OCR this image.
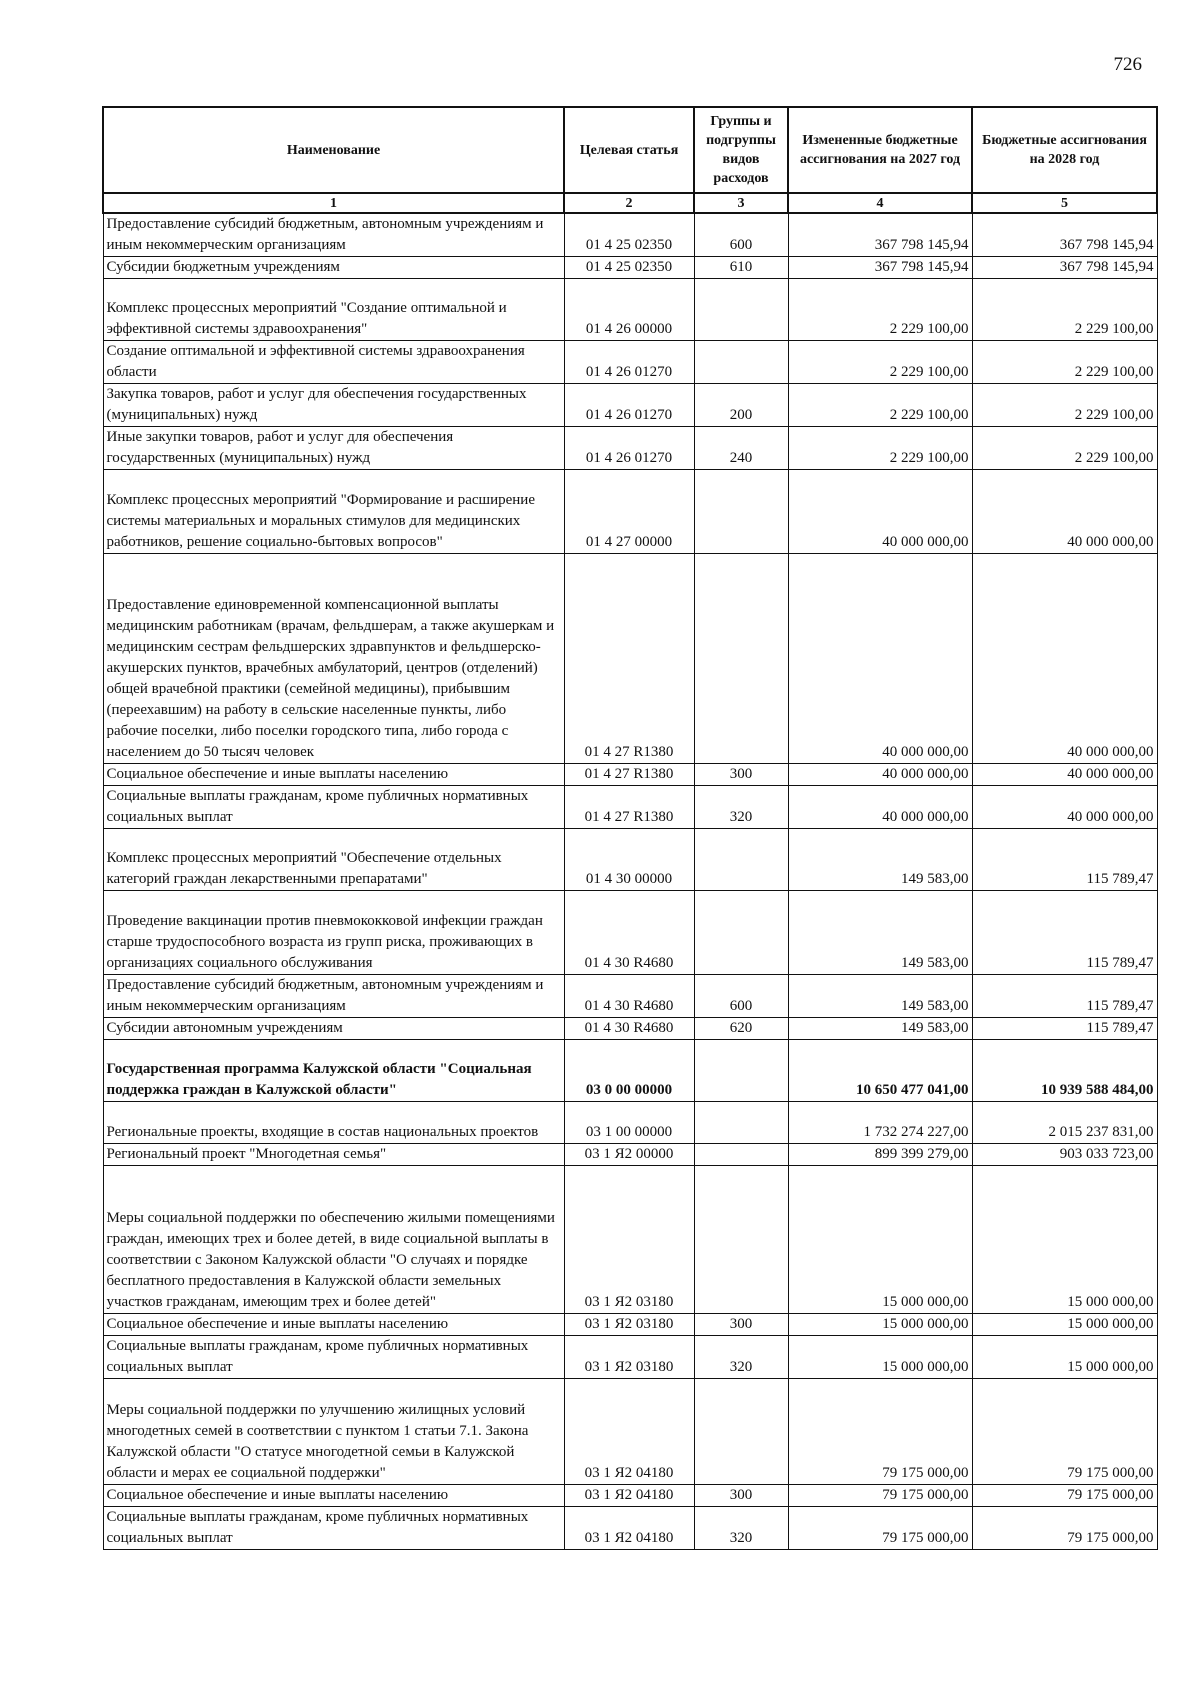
726
Наименование	Целевая статья	Группы и подгруппы видов расходов	Измененные бюджетные ассигнования на 2027 год	Бюджетные ассигнования на 2028 год
1	2	3	4	5
Предоставление субсидий бюджетным, автономным учреждениям и иным некоммерческим организациям	01 4 25 02350	600	367 798 145,94	367 798 145,94
Субсидии бюджетным учреждениям	01 4 25 02350	610	367 798 145,94	367 798 145,94
Комплекс процессных мероприятий "Создание оптимальной и эффективной системы здравоохранения"	01 4 26 00000		2 229 100,00	2 229 100,00
Создание оптимальной и эффективной системы здравоохранения области	01 4 26 01270		2 229 100,00	2 229 100,00
Закупка товаров, работ и услуг для обеспечения государственных (муниципальных) нужд	01 4 26 01270	200	2 229 100,00	2 229 100,00
Иные закупки товаров, работ и услуг для обеспечения государственных (муниципальных) нужд	01 4 26 01270	240	2 229 100,00	2 229 100,00
Комплекс процессных мероприятий "Формирование и расширение системы материальных и моральных стимулов для медицинских работников, решение социально-бытовых вопросов"	01 4 27 00000		40 000 000,00	40 000 000,00
Предоставление единовременной компенсационной выплаты медицинским работникам (врачам, фельдшерам, а также акушеркам и медицинским сестрам фельдшерских здравпунктов и фельдшерско-акушерских пунктов, врачебных амбулаторий, центров (отделений) общей врачебной практики (семейной медицины), прибывшим (переехавшим) на работу в сельские населенные пункты, либо рабочие поселки, либо поселки городского типа, либо города с населением до 50 тысяч человек	01 4 27 R1380		40 000 000,00	40 000 000,00
Социальное обеспечение и иные выплаты населению	01 4 27 R1380	300	40 000 000,00	40 000 000,00
Социальные выплаты гражданам, кроме публичных нормативных социальных выплат	01 4 27 R1380	320	40 000 000,00	40 000 000,00
Комплекс процессных мероприятий "Обеспечение отдельных категорий граждан лекарственными препаратами"	01 4 30 00000		149 583,00	115 789,47
Проведение вакцинации против пневмококковой инфекции граждан старше трудоспособного возраста из групп риска, проживающих в организациях социального обслуживания	01 4 30 R4680		149 583,00	115 789,47
Предоставление субсидий бюджетным, автономным учреждениям и иным некоммерческим организациям	01 4 30 R4680	600	149 583,00	115 789,47
Субсидии автономным учреждениям	01 4 30 R4680	620	149 583,00	115 789,47
Государственная программа Калужской области "Социальная поддержка граждан в Калужской области"	03 0 00 00000		10 650 477 041,00	10 939 588 484,00
Региональные проекты, входящие в состав национальных проектов	03 1 00 00000		1 732 274 227,00	2 015 237 831,00
Региональный проект "Многодетная семья"	03 1 Я2 00000		899 399 279,00	903 033 723,00
Меры социальной поддержки по обеспечению жилыми помещениями граждан, имеющих трех и более детей, в виде социальной выплаты в соответствии с Законом Калужской области "О случаях и порядке бесплатного предоставления в Калужской области земельных участков гражданам, имеющим трех и более детей"	03 1 Я2 03180		15 000 000,00	15 000 000,00
Социальное обеспечение и иные выплаты населению	03 1 Я2 03180	300	15 000 000,00	15 000 000,00
Социальные выплаты гражданам, кроме публичных нормативных социальных выплат	03 1 Я2 03180	320	15 000 000,00	15 000 000,00
Меры социальной поддержки по улучшению жилищных условий многодетных семей в соответствии с пунктом 1 статьи 7.1. Закона Калужской области "О статусе многодетной семьи в Калужской области и мерах ее социальной поддержки"	03 1 Я2 04180		79 175 000,00	79 175 000,00
Социальное обеспечение и иные выплаты населению	03 1 Я2 04180	300	79 175 000,00	79 175 000,00
Социальные выплаты гражданам, кроме публичных нормативных социальных выплат	03 1 Я2 04180	320	79 175 000,00	79 175 000,00
